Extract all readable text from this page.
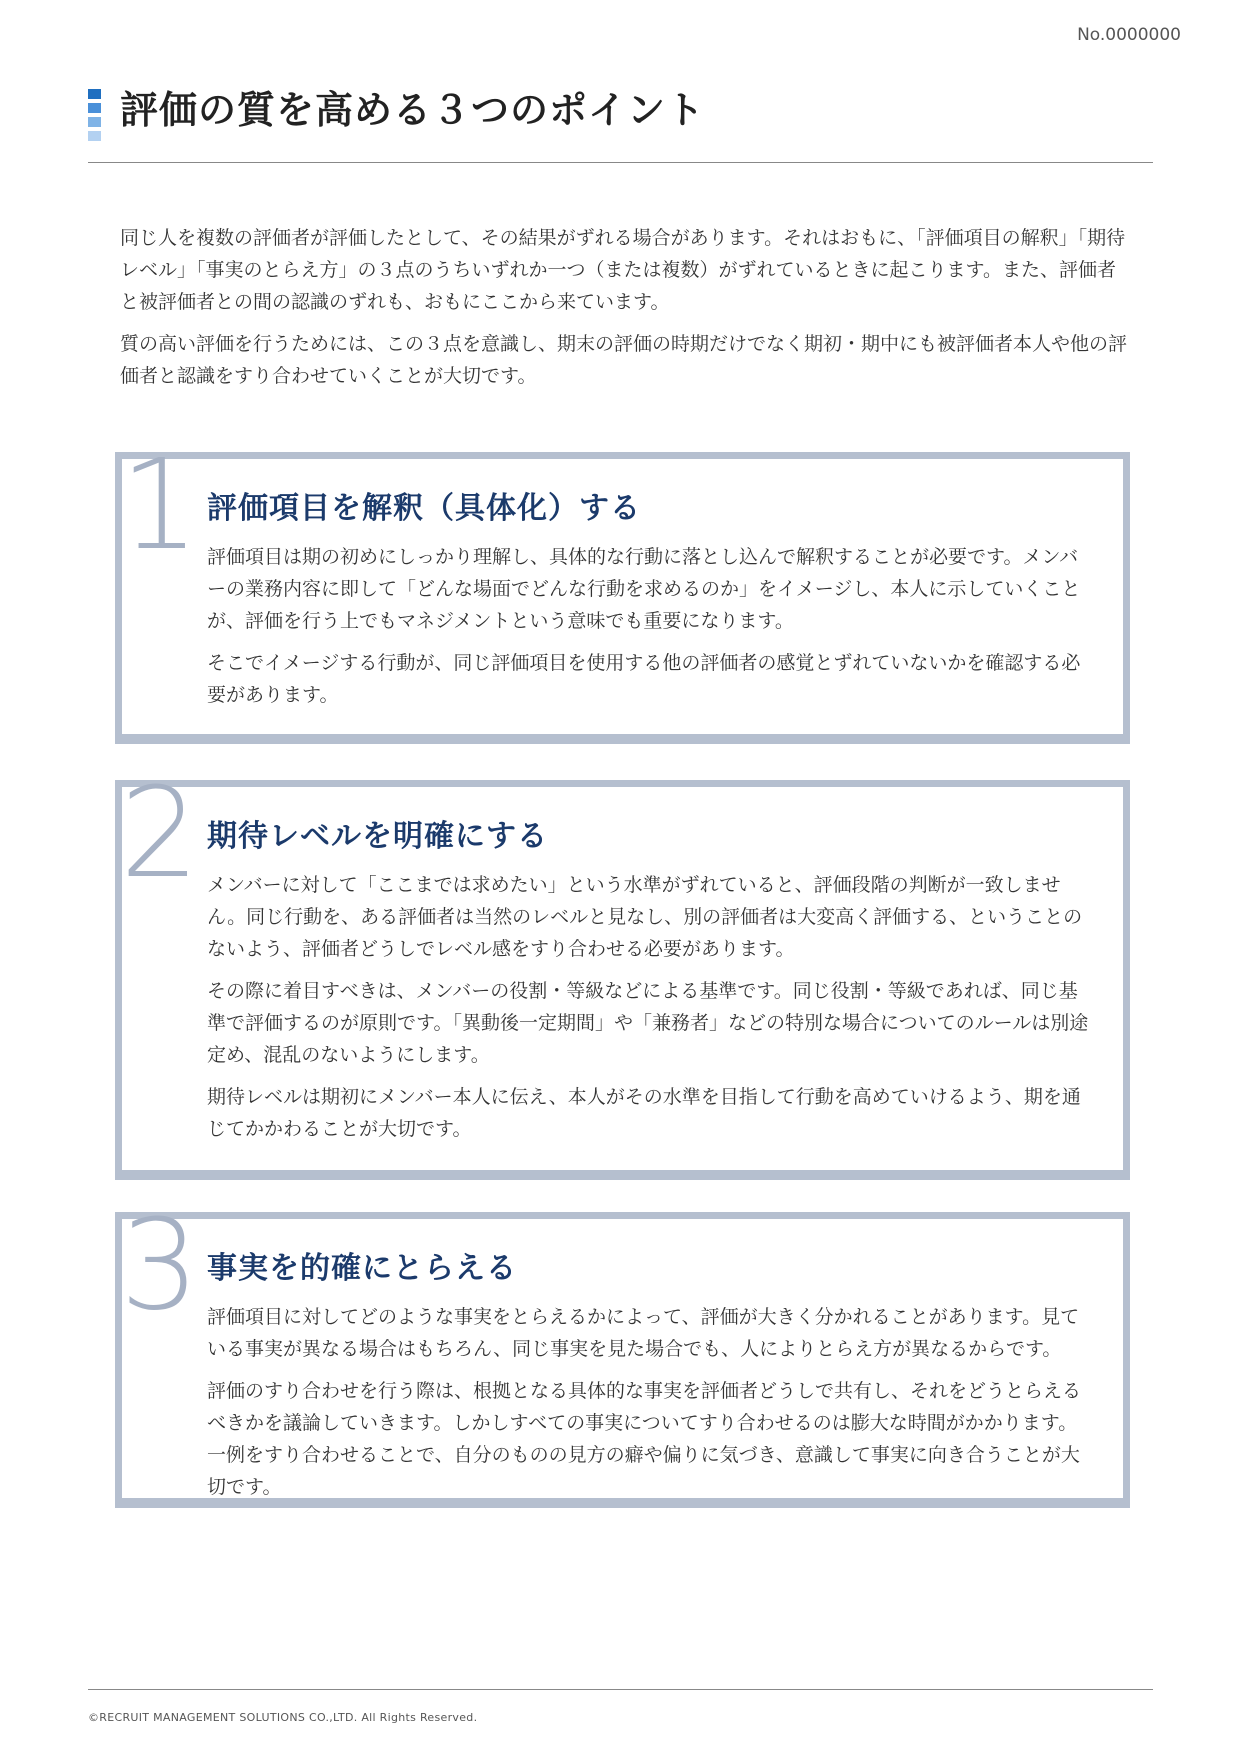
No.0000000
評価の質を高める３つのポイント

同じ人を複数の評価者が評価したとして、その結果がずれる場合があります。それはおもに、「評価項目の解釈」「期待レベル」「事実のとらえ方」の３点のうちいずれか一つ（または複数）がずれているときに起こります。また、評価者と被評価者との間の認識のずれも、おもにここから来ています。

質の高い評価を行うためには、この３点を意識し、期末の評価の時期だけでなく期初・期中にも被評価者本人や他の評価者と認識をすり合わせていくことが大切です。

1 評価項目を解釈（具体化）する

評価項目は期の初めにしっかり理解し、具体的な行動に落とし込んで解釈することが必要です。メンバーの業務内容に即して「どんな場面でどんな行動を求めるのか」をイメージし、本人に示していくことが、評価を行う上でもマネジメントという意味でも重要になります。

そこでイメージする行動が、同じ評価項目を使用する他の評価者の感覚とずれていないかを確認する必要があります。

2 期待レベルを明確にする

メンバーに対して「ここまでは求めたい」という水準がずれていると、評価段階の判断が一致しません。同じ行動を、ある評価者は当然のレベルと見なし、別の評価者は大変高く評価する、ということのないよう、評価者どうしでレベル感をすり合わせる必要があります。

その際に着目すべきは、メンバーの役割・等級などによる基準です。同じ役割・等級であれば、同じ基準で評価するのが原則です。「異動後一定期間」や「兼務者」などの特別な場合についてのルールは別途定め、混乱のないようにします。

期待レベルは期初にメンバー本人に伝え、本人がその水準を目指して行動を高めていけるよう、期を通じてかかわることが大切です。

3 事実を的確にとらえる

評価項目に対してどのような事実をとらえるかによって、評価が大きく分かれることがあります。見ている事実が異なる場合はもちろん、同じ事実を見た場合でも、人によりとらえ方が異なるからです。

評価のすり合わせを行う際は、根拠となる具体的な事実を評価者どうしで共有し、それをどうとらえるべきかを議論していきます。しかしすべての事実についてすり合わせるのは膨大な時間がかかります。一例をすり合わせることで、自分のものの見方の癖や偏りに気づき、意識して事実に向き合うことが大切です。

©RECRUIT MANAGEMENT SOLUTIONS CO.,LTD. All Rights Reserved.
